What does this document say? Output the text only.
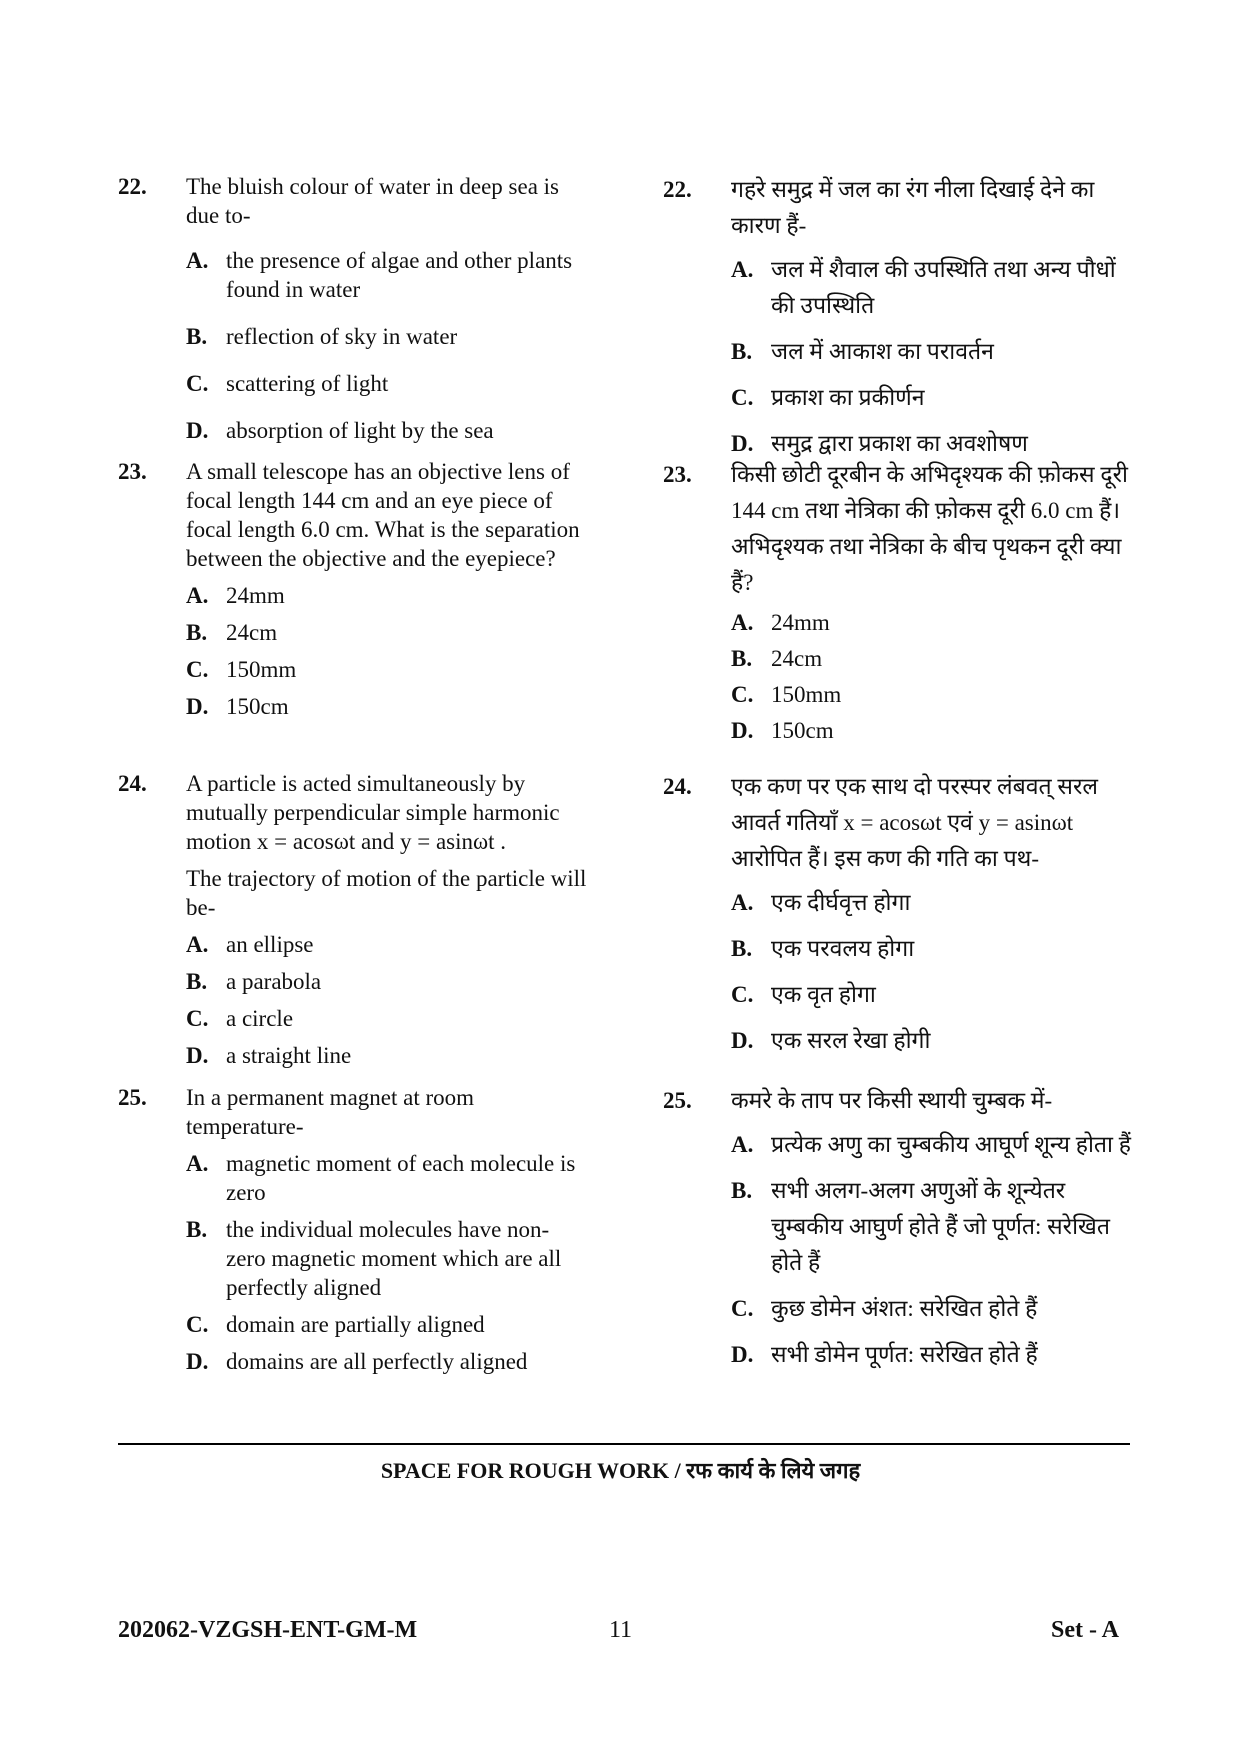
22. The bluish colour of water in deep sea is due to-
A. the presence of algae and other plants found in water
B. reflection of sky in water
C. scattering of light
D. absorption of light by the sea
23. A small telescope has an objective lens of focal length 144 cm and an eye piece of focal length 6.0 cm. What is the separation between the objective and the eyepiece?
A. 24mm
B. 24cm
C. 150mm
D. 150cm
24. A particle is acted simultaneously by mutually perpendicular simple harmonic motion x = acosωt and y = asinωt .
The trajectory of motion of the particle will be-
A. an ellipse
B. a parabola
C. a circle
D. a straight line
25. In a permanent magnet at room temperature-
A. magnetic moment of each molecule is zero
B. the individual molecules have non-zero magnetic moment which are all perfectly aligned
C. domain are partially aligned
D. domains are all perfectly aligned
22. गहरे समुद्र में जल का रंग नीला दिखाई देने का कारण हैं-
A. जल में शैवाल की उपस्थिति तथा अन्य पौधों की उपस्थिति
B. जल में आकाश का परावर्तन
C. प्रकाश का प्रकीर्णन
D. समुद्र द्वारा प्रकाश का अवशोषण
23. किसी छोटी दूरबीन के अभिदृश्यक की फ़ोकस दूरी 144 cm तथा नेत्रिका की फ़ोकस दूरी 6.0 cm हैं। अभिदृश्यक तथा नेत्रिका के बीच पृथकन दूरी क्या हैं?
A. 24mm
B. 24cm
C. 150mm
D. 150cm
24. एक कण पर एक साथ दो परस्पर लंबवत् सरल आवर्त गतियाँ x = acosωt एवं y = asinωt आरोपित हैं। इस कण की गति का पथ-
A. एक दीर्घवृत्त होगा
B. एक परवलय होगा
C. एक वृत होगा
D. एक सरल रेखा होगी
25. कमरे के ताप पर किसी स्थायी चुम्बक में-
A. प्रत्येक अणु का चुम्बकीय आघूर्ण शून्य होता हैं
B. सभी अलग-अलग अणुओं के शून्येतर चुम्बकीय आघुर्ण होते हैं जो पूर्णत: सरेखित होते हैं
C. कुछ डोमेन अंशत: सरेखित होते हैं
D. सभी डोमेन पूर्णत: सरेखित होते हैं
SPACE FOR ROUGH WORK / रफ कार्य के लिये जगह
202062-VZGSH-ENT-GM-M	11	Set - A
